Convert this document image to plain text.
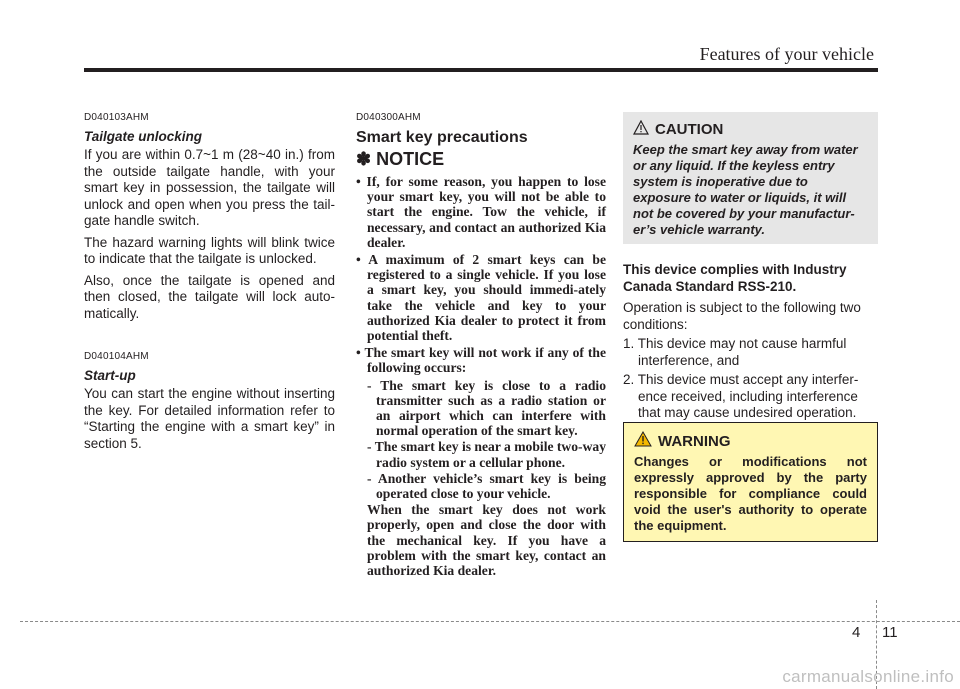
Features of your vehicle
D040103AHM
Tailgate unlocking

If you are within 0.7~1 m (28~40 in.) from the outside tailgate handle, with your smart key in possession, the tailgate will unlock and open when you press the tail-gate handle switch.

The hazard warning lights will blink twice to indicate that the tailgate is unlocked.

Also, once the tailgate is opened and then closed, the tailgate will lock auto-matically.

D040104AHM
Start-up

You can start the engine without inserting the key. For detailed information refer to “Starting the engine with a smart key” in section 5.

D040300AHM
Smart key precautions
✽ NOTICE

• If, for some reason, you happen to lose your smart key, you will not be able to start the engine. Tow the vehicle, if necessary, and contact an authorized Kia dealer.

• A maximum of 2 smart keys can be registered to a single vehicle. If you lose a smart key, you should immedi-ately take the vehicle and key to your authorized Kia dealer to protect it from potential theft.

• The smart key will not work if any of the following occurs:

- The smart key is close to a radio transmitter such as a radio station or an airport which can interfere with normal operation of the smart key.

- The smart key is near a mobile two-way radio system or a cellular phone.

- Another vehicle’s smart key is being operated close to your vehicle.

When the smart key does not work properly, open and close the door with the mechanical key. If you have a problem with the smart key, contact an authorized Kia dealer.

CAUTION

Keep the smart key away from water or any liquid. If the keyless entry system is inoperative due to exposure to water or liquids, it will not be covered by your manufactur-er’s vehicle warranty.

This device complies with Industry Canada Standard RSS-210.

Operation is subject to the following two conditions:

1. This device may not cause harmful interference, and

2. This device must accept any interfer-ence received, including interference that may cause undesired operation.

WARNING

Changes or modifications not expressly approved by the party responsible for compliance could void the user's authority to operate the equipment.

4 11
carmanualsonline.info
